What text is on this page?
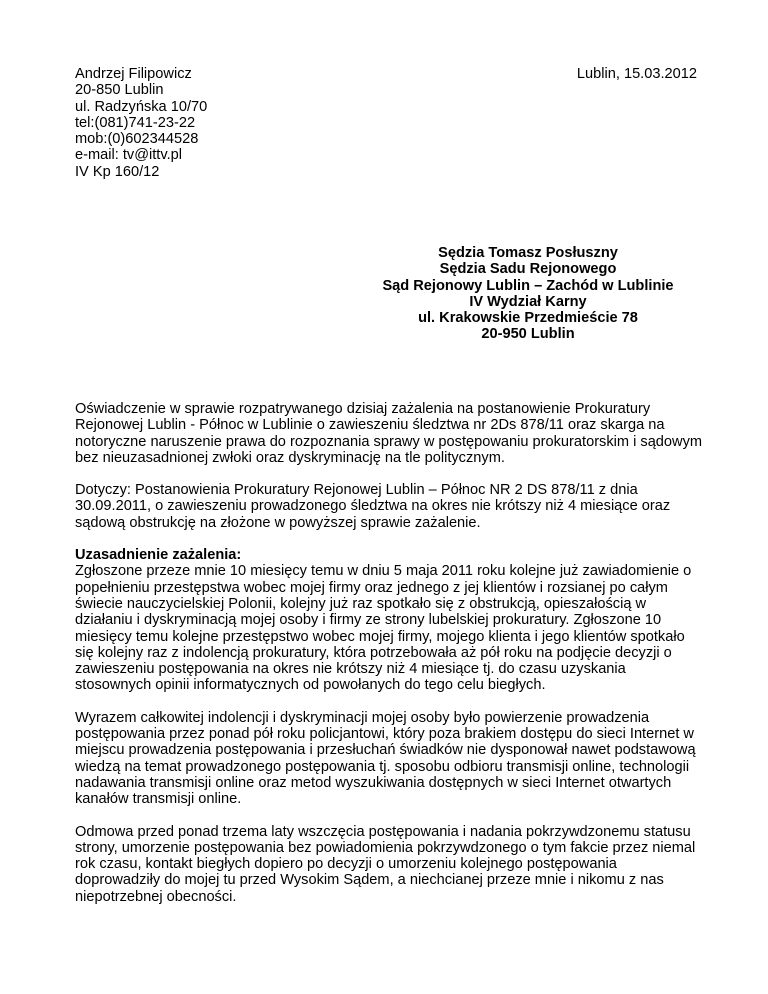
Andrzej Filipowicz
20-850 Lublin
ul. Radzyńska 10/70
tel:(081)741-23-22
mob:(0)602344528
e-mail: tv@ittv.pl
IV Kp 160/12
Lublin, 15.03.2012
Sędzia Tomasz Posłuszny
Sędzia Sadu Rejonowego
Sąd Rejonowy Lublin – Zachód w Lublinie
IV Wydział Karny
ul. Krakowskie Przedmieście 78
20-950 Lublin

Oświadczenie w sprawie rozpatrywanego dzisiaj zażalenia na postanowienie Prokuratury Rejonowej Lublin - Północ w Lublinie o zawieszeniu śledztwa nr 2Ds 878/11 oraz skarga na notoryczne naruszenie prawa do rozpoznania sprawy w postępowaniu prokuratorskim i sądowym bez nieuzasadnionej zwłoki oraz dyskryminację na tle politycznym.

Dotyczy: Postanowienia Prokuratury Rejonowej Lublin – Północ NR 2 DS 878/11 z dnia 30.09.2011, o zawieszeniu prowadzonego śledztwa na okres nie krótszy niż 4 miesiące oraz sądową obstrukcję na złożone w powyższej sprawie zażalenie.

Uzasadnienie zażalenia:
Zgłoszone przeze mnie 10 miesięcy temu w dniu 5 maja 2011 roku kolejne już zawiadomienie o popełnieniu przestępstwa wobec mojej firmy oraz jednego z jej klientów i rozsianej po całym świecie nauczycielskiej Polonii, kolejny już raz spotkało się z obstrukcją, opieszałością w działaniu i dyskryminacją mojej osoby i firmy ze strony lubelskiej prokuratury. Zgłoszone 10 miesięcy temu kolejne przestępstwo wobec mojej firmy, mojego klienta i jego klientów spotkało się kolejny raz z indolencją prokuratury, która potrzebowała aż pół roku na podjęcie decyzji o zawieszeniu postępowania na okres nie krótszy niż 4 miesiące tj. do czasu uzyskania stosownych opinii informatycznych od powołanych do tego celu biegłych.

Wyrazem całkowitej indolencji i dyskryminacji mojej osoby było powierzenie prowadzenia postępowania przez ponad pół roku policjantowi, który poza brakiem dostępu do sieci Internet w miejscu prowadzenia postępowania i przesłuchań świadków nie dysponował nawet podstawową wiedzą na temat prowadzonego postępowania tj. sposobu odbioru transmisji online, technologii nadawania transmisji online oraz metod wyszukiwania dostępnych w sieci Internet otwartych kanałów transmisji online.

Odmowa przed ponad trzema laty wszczęcia postępowania i nadania pokrzywdzonemu statusu strony, umorzenie postępowania bez powiadomienia pokrzywdzonego o tym fakcie przez niemal rok czasu, kontakt biegłych dopiero po decyzji o umorzeniu kolejnego postępowania doprowadziły do mojej tu przed Wysokim Sądem, a niechcianej przeze mnie i nikomu z nas niepotrzebnej obecności.
